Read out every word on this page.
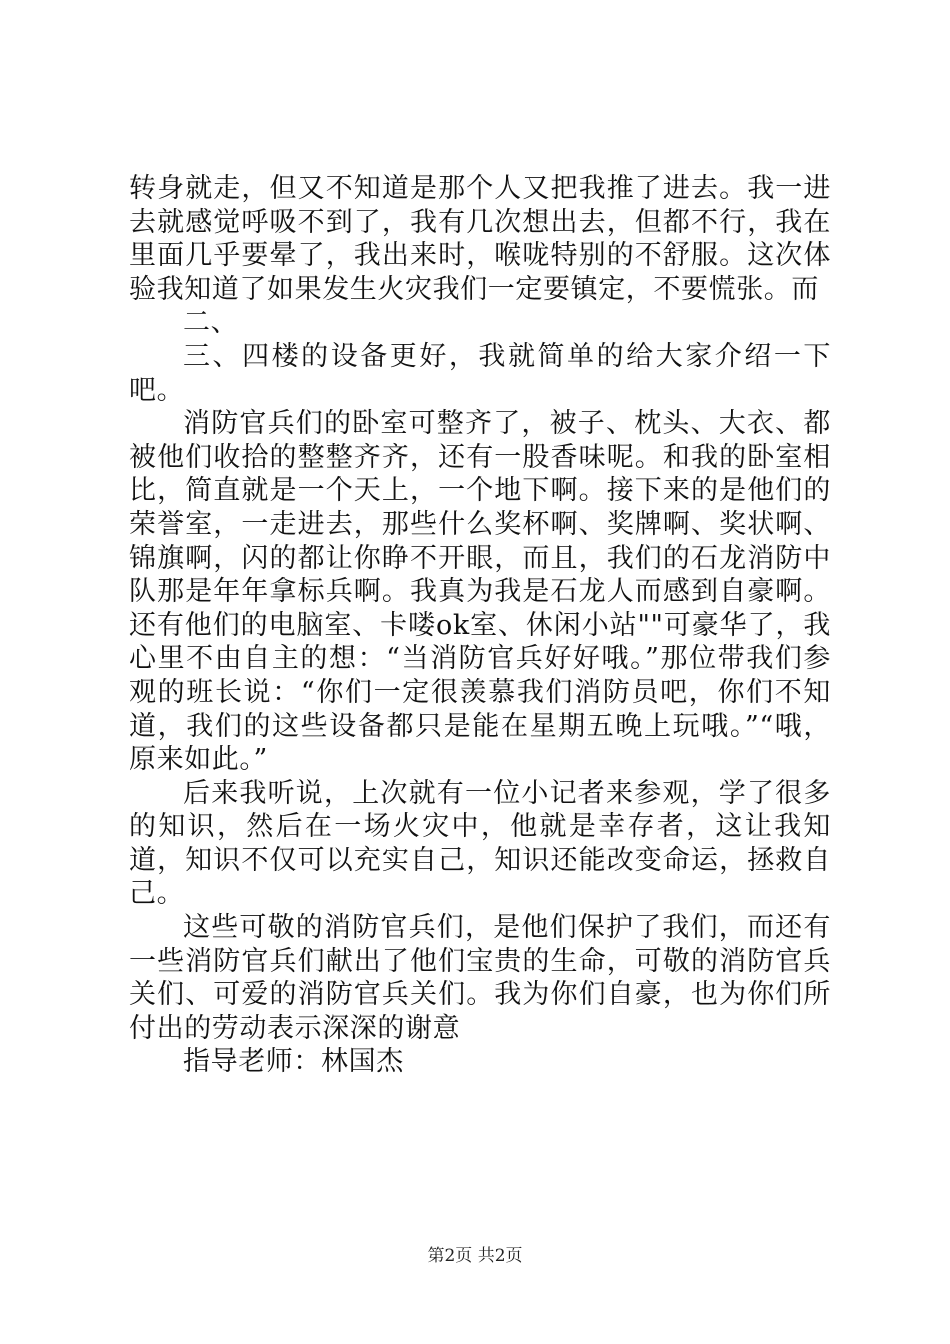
转身就走，但又不知道是那个人又把我推了进去。我一进去就感觉呼吸不到了，我有几次想出去，但都不行，我在里面几乎要晕了，我出来时，喉咙特别的不舒服。这次体验我知道了如果发生火灾我们一定要镇定，不要慌张。而

二、

三、四楼的设备更好，我就简单的给大家介绍一下吧。

消防官兵们的卧室可整齐了，被子、枕头、大衣、都被他们收拾的整整齐齐，还有一股香味呢。和我的卧室相比，简直就是一个天上，一个地下啊。接下来的是他们的荣誉室，一走进去，那些什么奖杯啊、奖牌啊、奖状啊、锦旗啊，闪的都让你睁不开眼，而且，我们的石龙消防中队那是年年拿标兵啊。我真为我是石龙人而感到自豪啊。还有他们的电脑室、卡喽ok室、休闲小站""可豪华了，我心里不由自主的想：“当消防官兵好好哦。”那位带我们参观的班长说：“你们一定很羡慕我们消防员吧，你们不知道，我们的这些设备都只是能在星期五晚上玩哦。”“哦，原来如此。”

后来我听说，上次就有一位小记者来参观，学了很多的知识，然后在一场火灾中，他就是幸存者，这让我知道，知识不仅可以充实自己，知识还能改变命运，拯救自己。

这些可敬的消防官兵们，是他们保护了我们，而还有一些消防官兵们献出了他们宝贵的生命，可敬的消防官兵关们、可爱的消防官兵关们。我为你们自豪，也为你们所付出的劳动表示深深的谢意

指导老师：林国杰

第2页 共2页
